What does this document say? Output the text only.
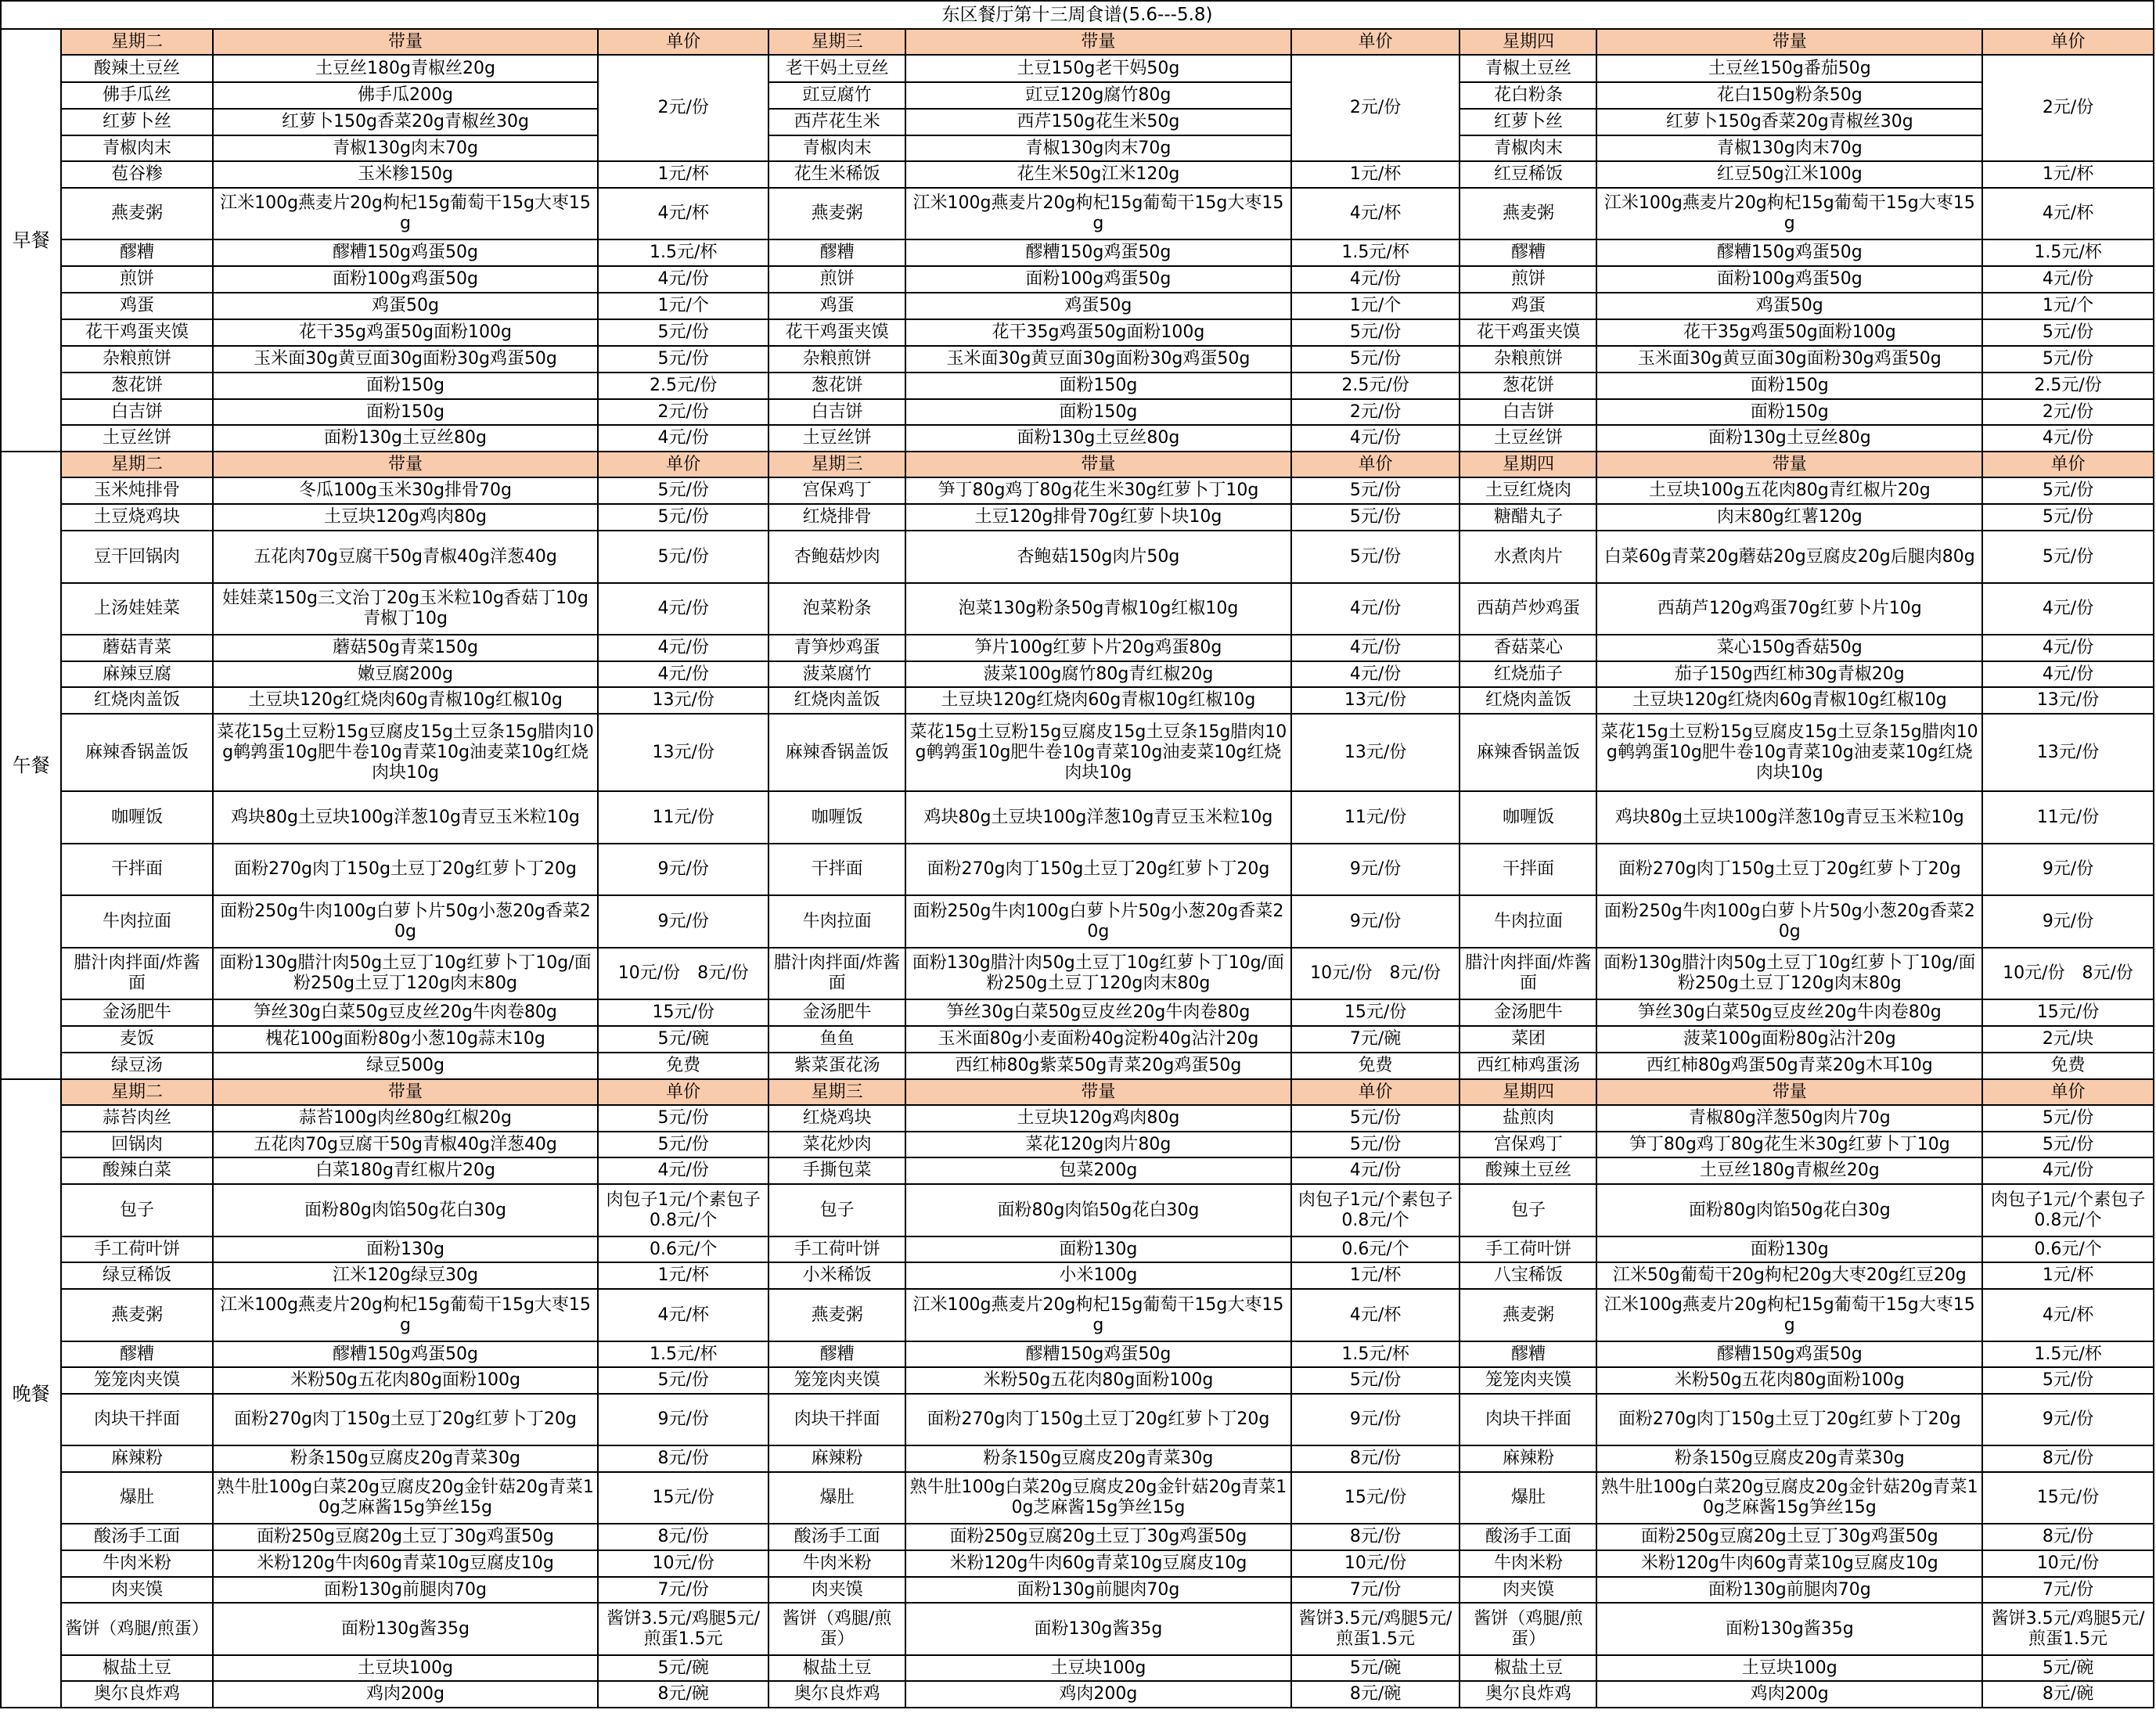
东区餐厅第十三周食谱(5.6---5.8)									
早餐	星期二	带量	单价	星期三	带量	单价	星期四	带量	单价
	酸辣土豆丝	土豆丝180g青椒丝20g	2元/份	老干妈土豆丝	土豆150g老干妈50g	2元/份	青椒土豆丝	土豆丝150g番茄50g	2元/份
	佛手瓜丝	佛手瓜200g		豇豆腐竹	豇豆120g腐竹80g		花白粉条	花白150g粉条50g	
	红萝卜丝	红萝卜150g香菜20g青椒丝30g		西芹花生米	西芹150g花生米50g		红萝卜丝	红萝卜150g香菜20g青椒丝30g	
	青椒肉末	青椒130g肉末70g		青椒肉末	青椒130g肉末70g		青椒肉末	青椒130g肉末70g	
	苞谷糁	玉米糁150g	1元/杯	花生米稀饭	花生米50g江米120g	1元/杯	红豆稀饭	红豆50g江米100g	1元/杯
	燕麦粥	江米100g燕麦片20g枸杞15g葡萄干15g大枣15g	4元/杯	燕麦粥	江米100g燕麦片20g枸杞15g葡萄干15g大枣15g	4元/杯	燕麦粥	江米100g燕麦片20g枸杞15g葡萄干15g大枣15g	4元/杯
	醪糟	醪糟150g鸡蛋50g	1.5元/杯	醪糟	醪糟150g鸡蛋50g	1.5元/杯	醪糟	醪糟150g鸡蛋50g	1.5元/杯
	煎饼	面粉100g鸡蛋50g	4元/份	煎饼	面粉100g鸡蛋50g	4元/份	煎饼	面粉100g鸡蛋50g	4元/份
	鸡蛋	鸡蛋50g	1元/个	鸡蛋	鸡蛋50g	1元/个	鸡蛋	鸡蛋50g	1元/个
	花干鸡蛋夹馍	花干35g鸡蛋50g面粉100g	5元/份	花干鸡蛋夹馍	花干35g鸡蛋50g面粉100g	5元/份	花干鸡蛋夹馍	花干35g鸡蛋50g面粉100g	5元/份
	杂粮煎饼	玉米面30g黄豆面30g面粉30g鸡蛋50g	5元/份	杂粮煎饼	玉米面30g黄豆面30g面粉30g鸡蛋50g	5元/份	杂粮煎饼	玉米面30g黄豆面30g面粉30g鸡蛋50g	5元/份
	葱花饼	面粉150g	2.5元/份	葱花饼	面粉150g	2.5元/份	葱花饼	面粉150g	2.5元/份
	白吉饼	面粉150g	2元/份	白吉饼	面粉150g	2元/份	白吉饼	面粉150g	2元/份
	土豆丝饼	面粉130g土豆丝80g	4元/份	土豆丝饼	面粉130g土豆丝80g	4元/份	土豆丝饼	面粉130g土豆丝80g	4元/份
午餐	星期二	带量	单价	星期三	带量	单价	星期四	带量	单价
	玉米炖排骨	冬瓜100g玉米30g排骨70g	5元/份	宫保鸡丁	笋丁80g鸡丁80g花生米30g红萝卜丁10g	5元/份	土豆红烧肉	土豆块100g五花肉80g青红椒片20g	5元/份
	土豆烧鸡块	土豆块120g鸡肉80g	5元/份	红烧排骨	土豆120g排骨70g红萝卜块10g	5元/份	糖醋丸子	肉末80g红薯120g	5元/份
	豆干回锅肉	五花肉70g豆腐干50g青椒40g洋葱40g	5元/份	杏鲍菇炒肉	杏鲍菇150g肉片50g	5元/份	水煮肉片	白菜60g青菜20g蘑菇20g豆腐皮20g后腿肉80g	5元/份
	上汤娃娃菜	娃娃菜150g三文治丁20g玉米粒10g香菇丁10g青椒丁10g	4元/份	泡菜粉条	泡菜130g粉条50g青椒10g红椒10g	4元/份	西葫芦炒鸡蛋	西葫芦120g鸡蛋70g红萝卜片10g	4元/份
	蘑菇青菜	蘑菇50g青菜150g	4元/份	青笋炒鸡蛋	笋片100g红萝卜片20g鸡蛋80g	4元/份	香菇菜心	菜心150g香菇50g	4元/份
	麻辣豆腐	嫩豆腐200g	4元/份	菠菜腐竹	菠菜100g腐竹80g青红椒20g	4元/份	红烧茄子	茄子150g西红柿30g青椒20g	4元/份
	红烧肉盖饭	土豆块120g红烧肉60g青椒10g红椒10g	13元/份	红烧肉盖饭	土豆块120g红烧肉60g青椒10g红椒10g	13元/份	红烧肉盖饭	土豆块120g红烧肉60g青椒10g红椒10g	13元/份
	麻辣香锅盖饭	菜花15g土豆粉15g豆腐皮15g土豆条15g腊肉10g鹌鹑蛋10g肥牛卷10g青菜10g油麦菜10g红烧肉块10g	13元/份	麻辣香锅盖饭	菜花15g土豆粉15g豆腐皮15g土豆条15g腊肉10g鹌鹑蛋10g肥牛卷10g青菜10g油麦菜10g红烧肉块10g	13元/份	麻辣香锅盖饭	菜花15g土豆粉15g豆腐皮15g土豆条15g腊肉10g鹌鹑蛋10g肥牛卷10g青菜10g油麦菜10g红烧肉块10g	13元/份
	咖喱饭	鸡块80g土豆块100g洋葱10g青豆玉米粒10g	11元/份	咖喱饭	鸡块80g土豆块100g洋葱10g青豆玉米粒10g	11元/份	咖喱饭	鸡块80g土豆块100g洋葱10g青豆玉米粒10g	11元/份
	干拌面	面粉270g肉丁150g土豆丁20g红萝卜丁20g	9元/份	干拌面	面粉270g肉丁150g土豆丁20g红萝卜丁20g	9元/份	干拌面	面粉270g肉丁150g土豆丁20g红萝卜丁20g	9元/份
	牛肉拉面	面粉250g牛肉100g白萝卜片50g小葱20g香菜20g	9元/份	牛肉拉面	面粉250g牛肉100g白萝卜片50g小葱20g香菜20g	9元/份	牛肉拉面	面粉250g牛肉100g白萝卜片50g小葱20g香菜20g	9元/份
	腊汁肉拌面/炸酱面	面粉130g腊汁肉50g土豆丁10g红萝卜丁10g/面粉250g土豆丁120g肉末80g	10元/份　8元/份	腊汁肉拌面/炸酱面	面粉130g腊汁肉50g土豆丁10g红萝卜丁10g/面粉250g土豆丁120g肉末80g	10元/份　8元/份	腊汁肉拌面/炸酱面	面粉130g腊汁肉50g土豆丁10g红萝卜丁10g/面粉250g土豆丁120g肉末80g	10元/份　8元/份
	金汤肥牛	笋丝30g白菜50g豆皮丝20g牛肉卷80g	15元/份	金汤肥牛	笋丝30g白菜50g豆皮丝20g牛肉卷80g	15元/份	金汤肥牛	笋丝30g白菜50g豆皮丝20g牛肉卷80g	15元/份
	麦饭	槐花100g面粉80g小葱10g蒜末10g	5元/碗	鱼鱼	玉米面80g小麦面粉40g淀粉40g沾汁20g	7元/碗	菜团	菠菜100g面粉80g沾汁20g	2元/块
	绿豆汤	绿豆500g	免费	紫菜蛋花汤	西红柿80g紫菜50g青菜20g鸡蛋50g	免费	西红柿鸡蛋汤	西红柿80g鸡蛋50g青菜20g木耳10g	免费
晚餐	星期二	带量	单价	星期三	带量	单价	星期四	带量	单价
	蒜苔肉丝	蒜苔100g肉丝80g红椒20g	5元/份	红烧鸡块	土豆块120g鸡肉80g	5元/份	盐煎肉	青椒80g洋葱50g肉片70g	5元/份
	回锅肉	五花肉70g豆腐干50g青椒40g洋葱40g	5元/份	菜花炒肉	菜花120g肉片80g	5元/份	宫保鸡丁	笋丁80g鸡丁80g花生米30g红萝卜丁10g	5元/份
	酸辣白菜	白菜180g青红椒片20g	4元/份	手撕包菜	包菜200g	4元/份	酸辣土豆丝	土豆丝180g青椒丝20g	4元/份
	包子	面粉80g肉馅50g花白30g	肉包子1元/个素包子0.8元/个	包子	面粉80g肉馅50g花白30g	肉包子1元/个素包子0.8元/个	包子	面粉80g肉馅50g花白30g	肉包子1元/个素包子0.8元/个
	手工荷叶饼	面粉130g	0.6元/个	手工荷叶饼	面粉130g	0.6元/个	手工荷叶饼	面粉130g	0.6元/个
	绿豆稀饭	江米120g绿豆30g	1元/杯	小米稀饭	小米100g	1元/杯	八宝稀饭	江米50g葡萄干20g枸杞20g大枣20g红豆20g	1元/杯
	燕麦粥	江米100g燕麦片20g枸杞15g葡萄干15g大枣15g	4元/杯	燕麦粥	江米100g燕麦片20g枸杞15g葡萄干15g大枣15g	4元/杯	燕麦粥	江米100g燕麦片20g枸杞15g葡萄干15g大枣15g	4元/杯
	醪糟	醪糟150g鸡蛋50g	1.5元/杯	醪糟	醪糟150g鸡蛋50g	1.5元/杯	醪糟	醪糟150g鸡蛋50g	1.5元/杯
	笼笼肉夹馍	米粉50g五花肉80g面粉100g	5元/份	笼笼肉夹馍	米粉50g五花肉80g面粉100g	5元/份	笼笼肉夹馍	米粉50g五花肉80g面粉100g	5元/份
	肉块干拌面	面粉270g肉丁150g土豆丁20g红萝卜丁20g	9元/份	肉块干拌面	面粉270g肉丁150g土豆丁20g红萝卜丁20g	9元/份	肉块干拌面	面粉270g肉丁150g土豆丁20g红萝卜丁20g	9元/份
	麻辣粉	粉条150g豆腐皮20g青菜30g	8元/份	麻辣粉	粉条150g豆腐皮20g青菜30g	8元/份	麻辣粉	粉条150g豆腐皮20g青菜30g	8元/份
	爆肚	熟牛肚100g白菜20g豆腐皮20g金针菇20g青菜10g芝麻酱15g笋丝15g	15元/份	爆肚	熟牛肚100g白菜20g豆腐皮20g金针菇20g青菜10g芝麻酱15g笋丝15g	15元/份	爆肚	熟牛肚100g白菜20g豆腐皮20g金针菇20g青菜10g芝麻酱15g笋丝15g	15元/份
	酸汤手工面	面粉250g豆腐20g土豆丁30g鸡蛋50g	8元/份	酸汤手工面	面粉250g豆腐20g土豆丁30g鸡蛋50g	8元/份	酸汤手工面	面粉250g豆腐20g土豆丁30g鸡蛋50g	8元/份
	牛肉米粉	米粉120g牛肉60g青菜10g豆腐皮10g	10元/份	牛肉米粉	米粉120g牛肉60g青菜10g豆腐皮10g	10元/份	牛肉米粉	米粉120g牛肉60g青菜10g豆腐皮10g	10元/份
	肉夹馍	面粉130g前腿肉70g	7元/份	肉夹馍	面粉130g前腿肉70g	7元/份	肉夹馍	面粉130g前腿肉70g	7元/份
	酱饼（鸡腿/煎蛋）	面粉130g酱35g	酱饼3.5元/鸡腿5元/煎蛋1.5元	酱饼（鸡腿/煎蛋）	面粉130g酱35g	酱饼3.5元/鸡腿5元/煎蛋1.5元	酱饼（鸡腿/煎蛋）	面粉130g酱35g	酱饼3.5元/鸡腿5元/煎蛋1.5元
	椒盐土豆	土豆块100g	5元/碗	椒盐土豆	土豆块100g	5元/碗	椒盐土豆	土豆块100g	5元/碗
	奥尔良炸鸡	鸡肉200g	8元/碗	奥尔良炸鸡	鸡肉200g	8元/碗	奥尔良炸鸡	鸡肉200g	8元/碗
